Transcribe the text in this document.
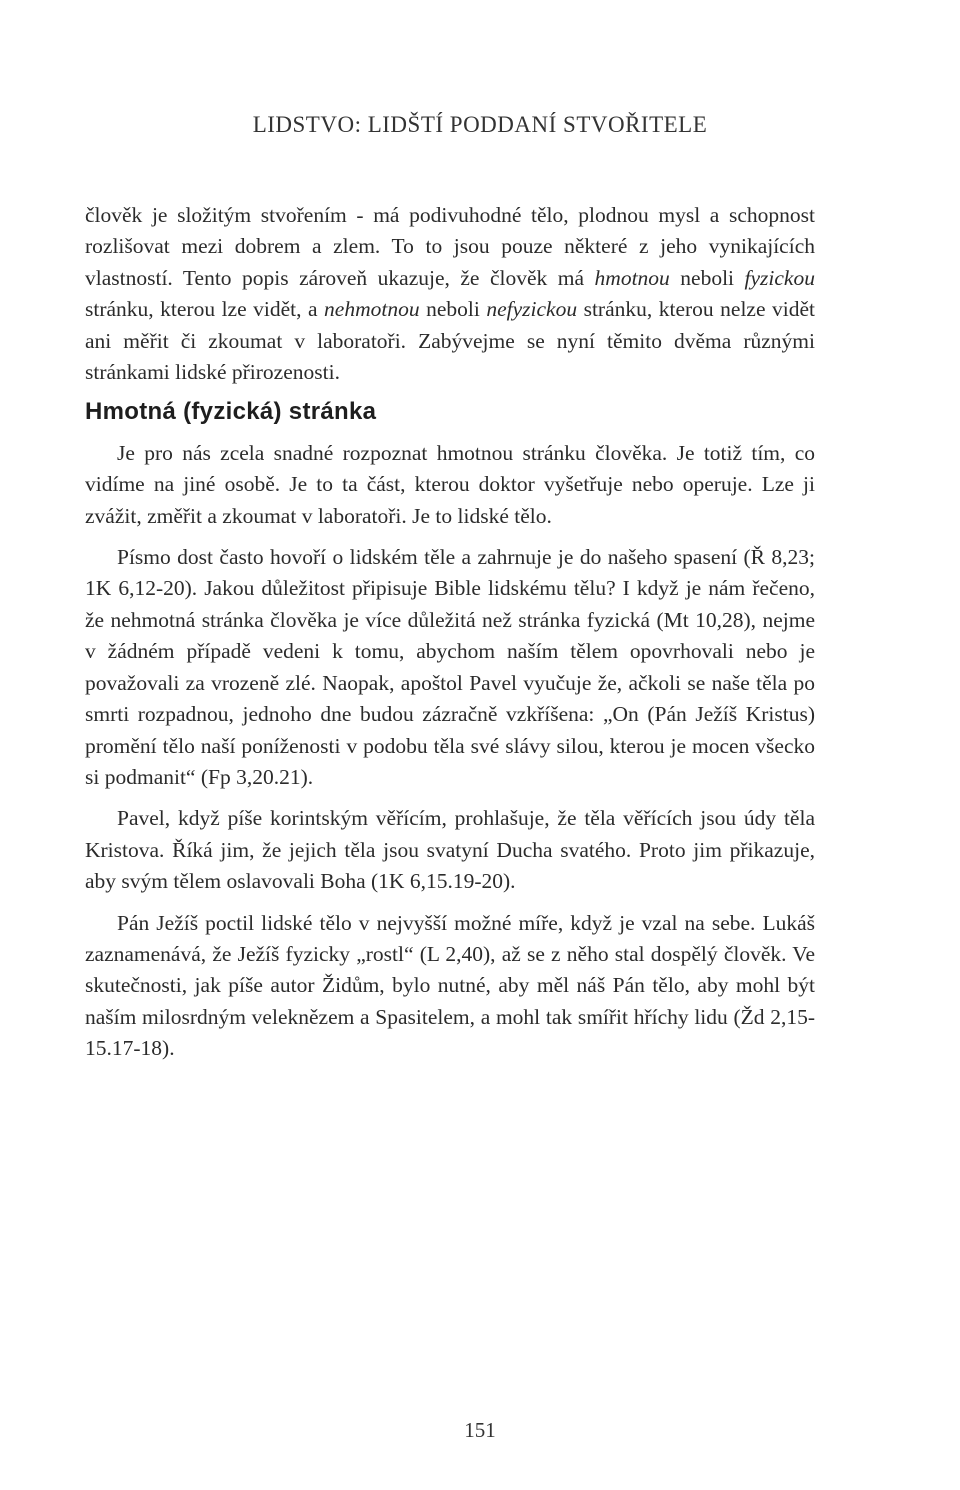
LIDSTVO: LIDŠTÍ PODDANÍ STVOŘITELE

člověk je složitým stvořením - má podivuhodné tělo, plodnou mysl a schopnost rozlišovat mezi dobrem a zlem. To to jsou pouze některé z jeho vynikajících vlastností. Tento popis zároveň ukazuje, že člověk má hmotnou neboli fyzickou stránku, kterou lze vidět, a nehmotnou neboli nefyzickou stránku, kterou nelze vidět ani měřit či zkoumat v laboratoři. Zabývejme se nyní těmito dvěma různými stránkami lidské přirozenosti.

Hmotná (fyzická) stránka

Je pro nás zcela snadné rozpoznat hmotnou stránku člověka. Je totiž tím, co vidíme na jiné osobě. Je to ta část, kterou doktor vyšetřuje nebo operuje. Lze ji zvážit, změřit a zkoumat v laboratoři. Je to lidské tělo.

Písmo dost často hovoří o lidském těle a zahrnuje je do našeho spasení (Ř 8,23; 1K 6,12-20). Jakou důležitost připisuje Bible lidskému tělu? I když je nám řečeno, že nehmotná stránka člověka je více důležitá než stránka fyzická (Mt 10,28), nejme v žádném případě vedeni k tomu, abychom naším tělem opovrhovali nebo je považovali za vrozeně zlé. Naopak, apoštol Pavel vyučuje že, ačkoli se naše těla po smrti rozpadnou, jednoho dne budou zázračně vzkříšena: „On (Pán Ježíš Kristus) promění tělo naší poníženosti v podobu těla své slávy silou, kterou je mocen všecko si podmanit“ (Fp 3,20.21).

Pavel, když píše korintským věřícím, prohlašuje, že těla věřících jsou údy těla Kristova. Říká jim, že jejich těla jsou svatyní Ducha svatého. Proto jim přikazuje, aby svým tělem oslavovali Boha (1K 6,15.19-20).

Pán Ježíš poctil lidské tělo v nejvyšší možné míře, když je vzal na sebe. Lukáš zaznamenává, že Ježíš fyzicky „rostl“ (L 2,40), až se z něho stal dospělý člověk. Ve skutečnosti, jak píše autor Židům, bylo nutné, aby měl náš Pán tělo, aby mohl být naším milosrdným veleknězem a Spasitelem, a mohl tak smířit hříchy lidu (Žd 2,15-15.17-18).

151
